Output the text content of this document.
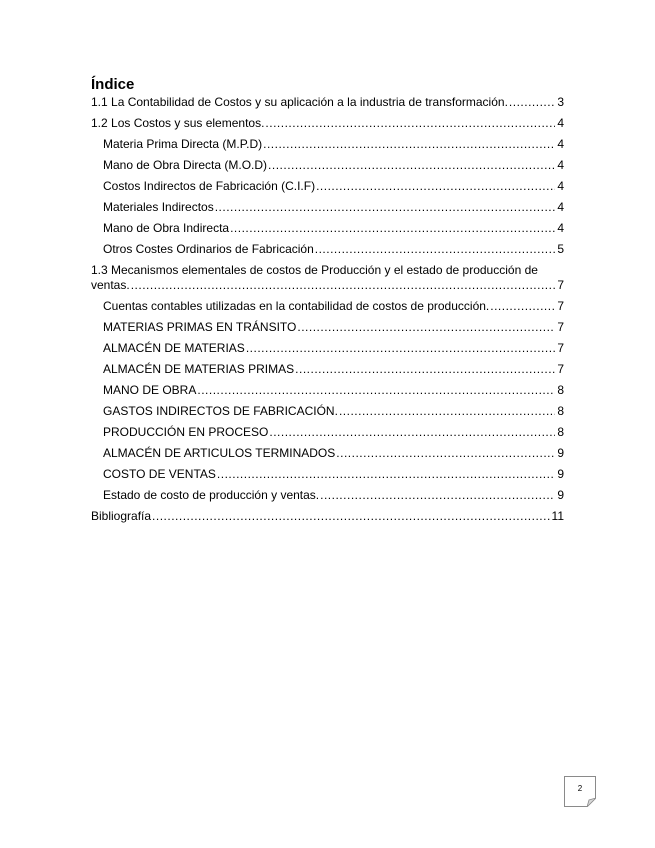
Índice
1.1 La Contabilidad de Costos y su aplicación a la industria de transformación. .....	3
1.2 Los Costos y sus elementos. .....	4
Materia Prima Directa (M.P.D) .....	4
Mano de Obra Directa (M.O.D) .....	4
Costos Indirectos de Fabricación (C.I.F) .....	4
Materiales Indirectos .....	4
Mano de Obra Indirecta .....	4
Otros Costes Ordinarios de Fabricación .....	5
1.3 Mecanismos elementales de costos de Producción y el estado de producción de
ventas. .....	7
Cuentas contables utilizadas en la contabilidad de costos de producción. .....	7
MATERIAS PRIMAS EN TRÁNSITO .....	7
ALMACÉN DE MATERIAS .....	7
ALMACÉN DE MATERIAS PRIMAS .....	7
MANO DE OBRA .....	8
GASTOS INDIRECTOS DE FABRICACIÓN. .....	8
PRODUCCIÓN EN PROCESO .....	8
ALMACÉN DE ARTICULOS TERMINADOS .....	9
COSTO DE VENTAS .....	9
Estado de costo de producción y ventas. .....	9
Bibliografía .....	11
2
